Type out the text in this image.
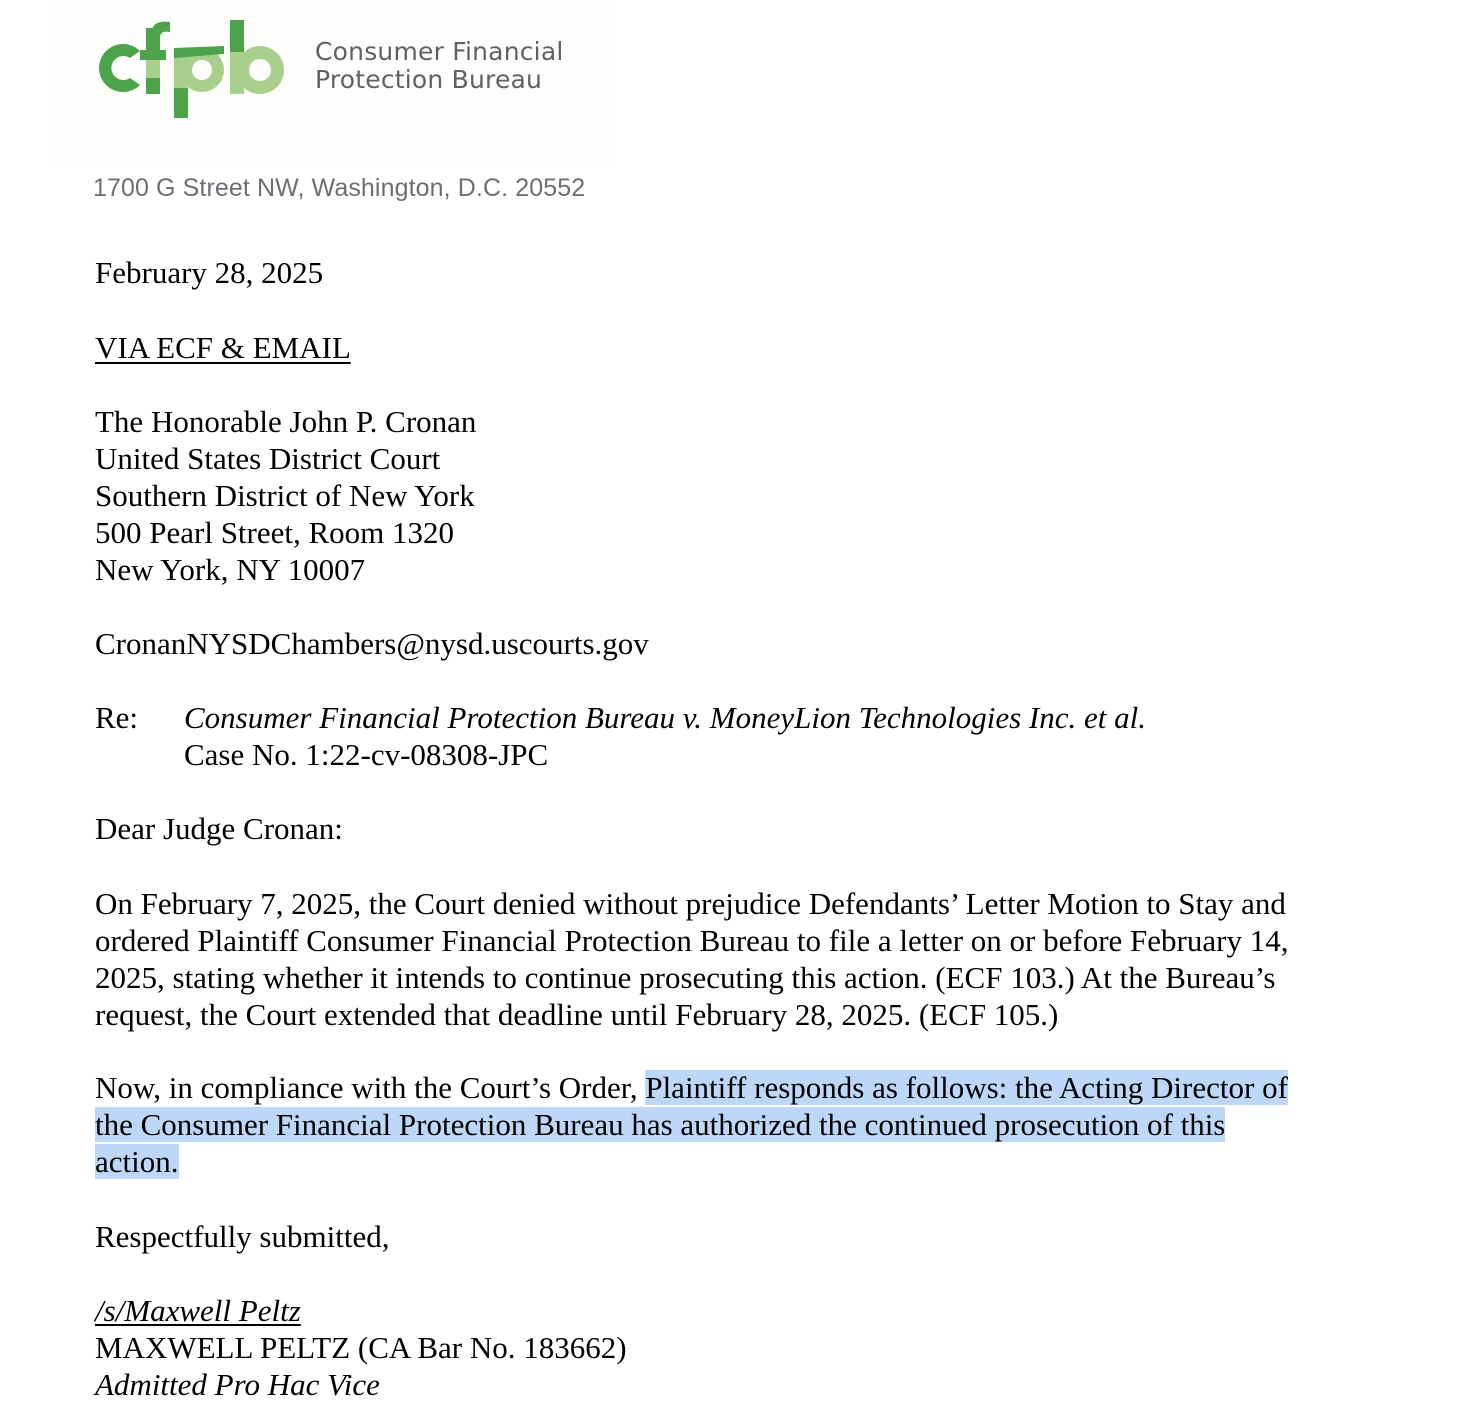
Consumer Financial
Protection Bureau
1700 G Street NW, Washington, D.C. 20552
February 28, 2025
VIA ECF & EMAIL
The Honorable John P. Cronan
United States District Court
Southern District of New York
500 Pearl Street, Room 1320
New York, NY 10007
CronanNYSDChambers@nysd.uscourts.gov
Re: Consumer Financial Protection Bureau v. MoneyLion Technologies Inc. et al.
Case No. 1:22-cv-08308-JPC
Dear Judge Cronan:
On February 7, 2025, the Court denied without prejudice Defendants’ Letter Motion to Stay and
ordered Plaintiff Consumer Financial Protection Bureau to file a letter on or before February 14,
2025, stating whether it intends to continue prosecuting this action. (ECF 103.) At the Bureau’s
request, the Court extended that deadline until February 28, 2025. (ECF 105.)
Now, in compliance with the Court’s Order, Plaintiff responds as follows: the Acting Director of
the Consumer Financial Protection Bureau has authorized the continued prosecution of this
action.
Respectfully submitted,
/s/Maxwell Peltz
MAXWELL PELTZ (CA Bar No. 183662)
Admitted Pro Hac Vice
